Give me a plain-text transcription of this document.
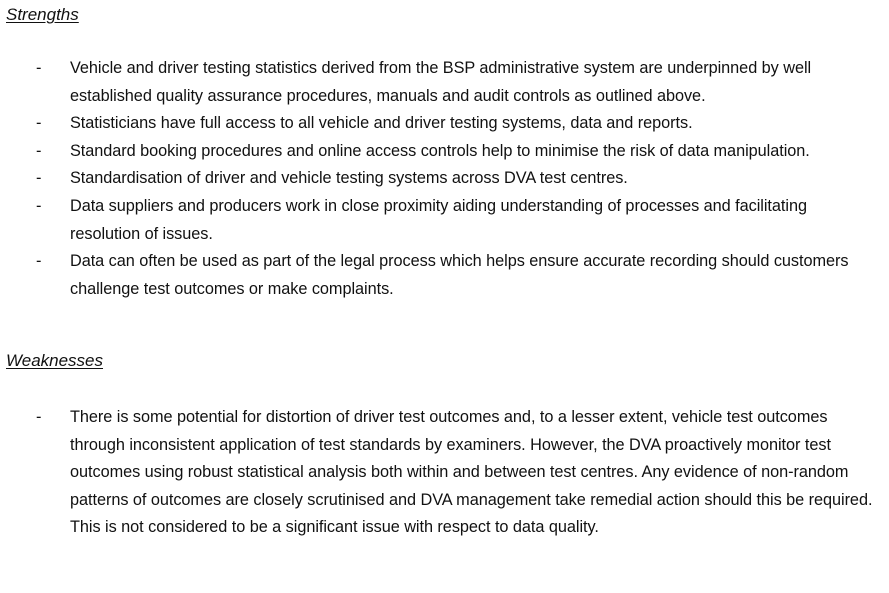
Strengths
-	Vehicle and driver testing statistics derived from the BSP administrative system are underpinned by well established quality assurance procedures, manuals and audit controls as outlined above.
-	Statisticians have full access to all vehicle and driver testing systems, data and reports.
-	Standard booking procedures and online access controls help to minimise the risk of data manipulation.
-	Standardisation of driver and vehicle testing systems across DVA test centres.
-	Data suppliers and producers work in close proximity aiding understanding of processes and facilitating resolution of issues.
-	Data can often be used as part of the legal process which helps ensure accurate recording should customers challenge test outcomes or make complaints.
Weaknesses
-	There is some potential for distortion of driver test outcomes and, to a lesser extent, vehicle test outcomes through inconsistent application of test standards by examiners. However, the DVA proactively monitor test outcomes using robust statistical analysis both within and between test centres. Any evidence of non-random patterns of outcomes are closely scrutinised and DVA management take remedial action should this be required. This is not considered to be a significant issue with respect to data quality.
